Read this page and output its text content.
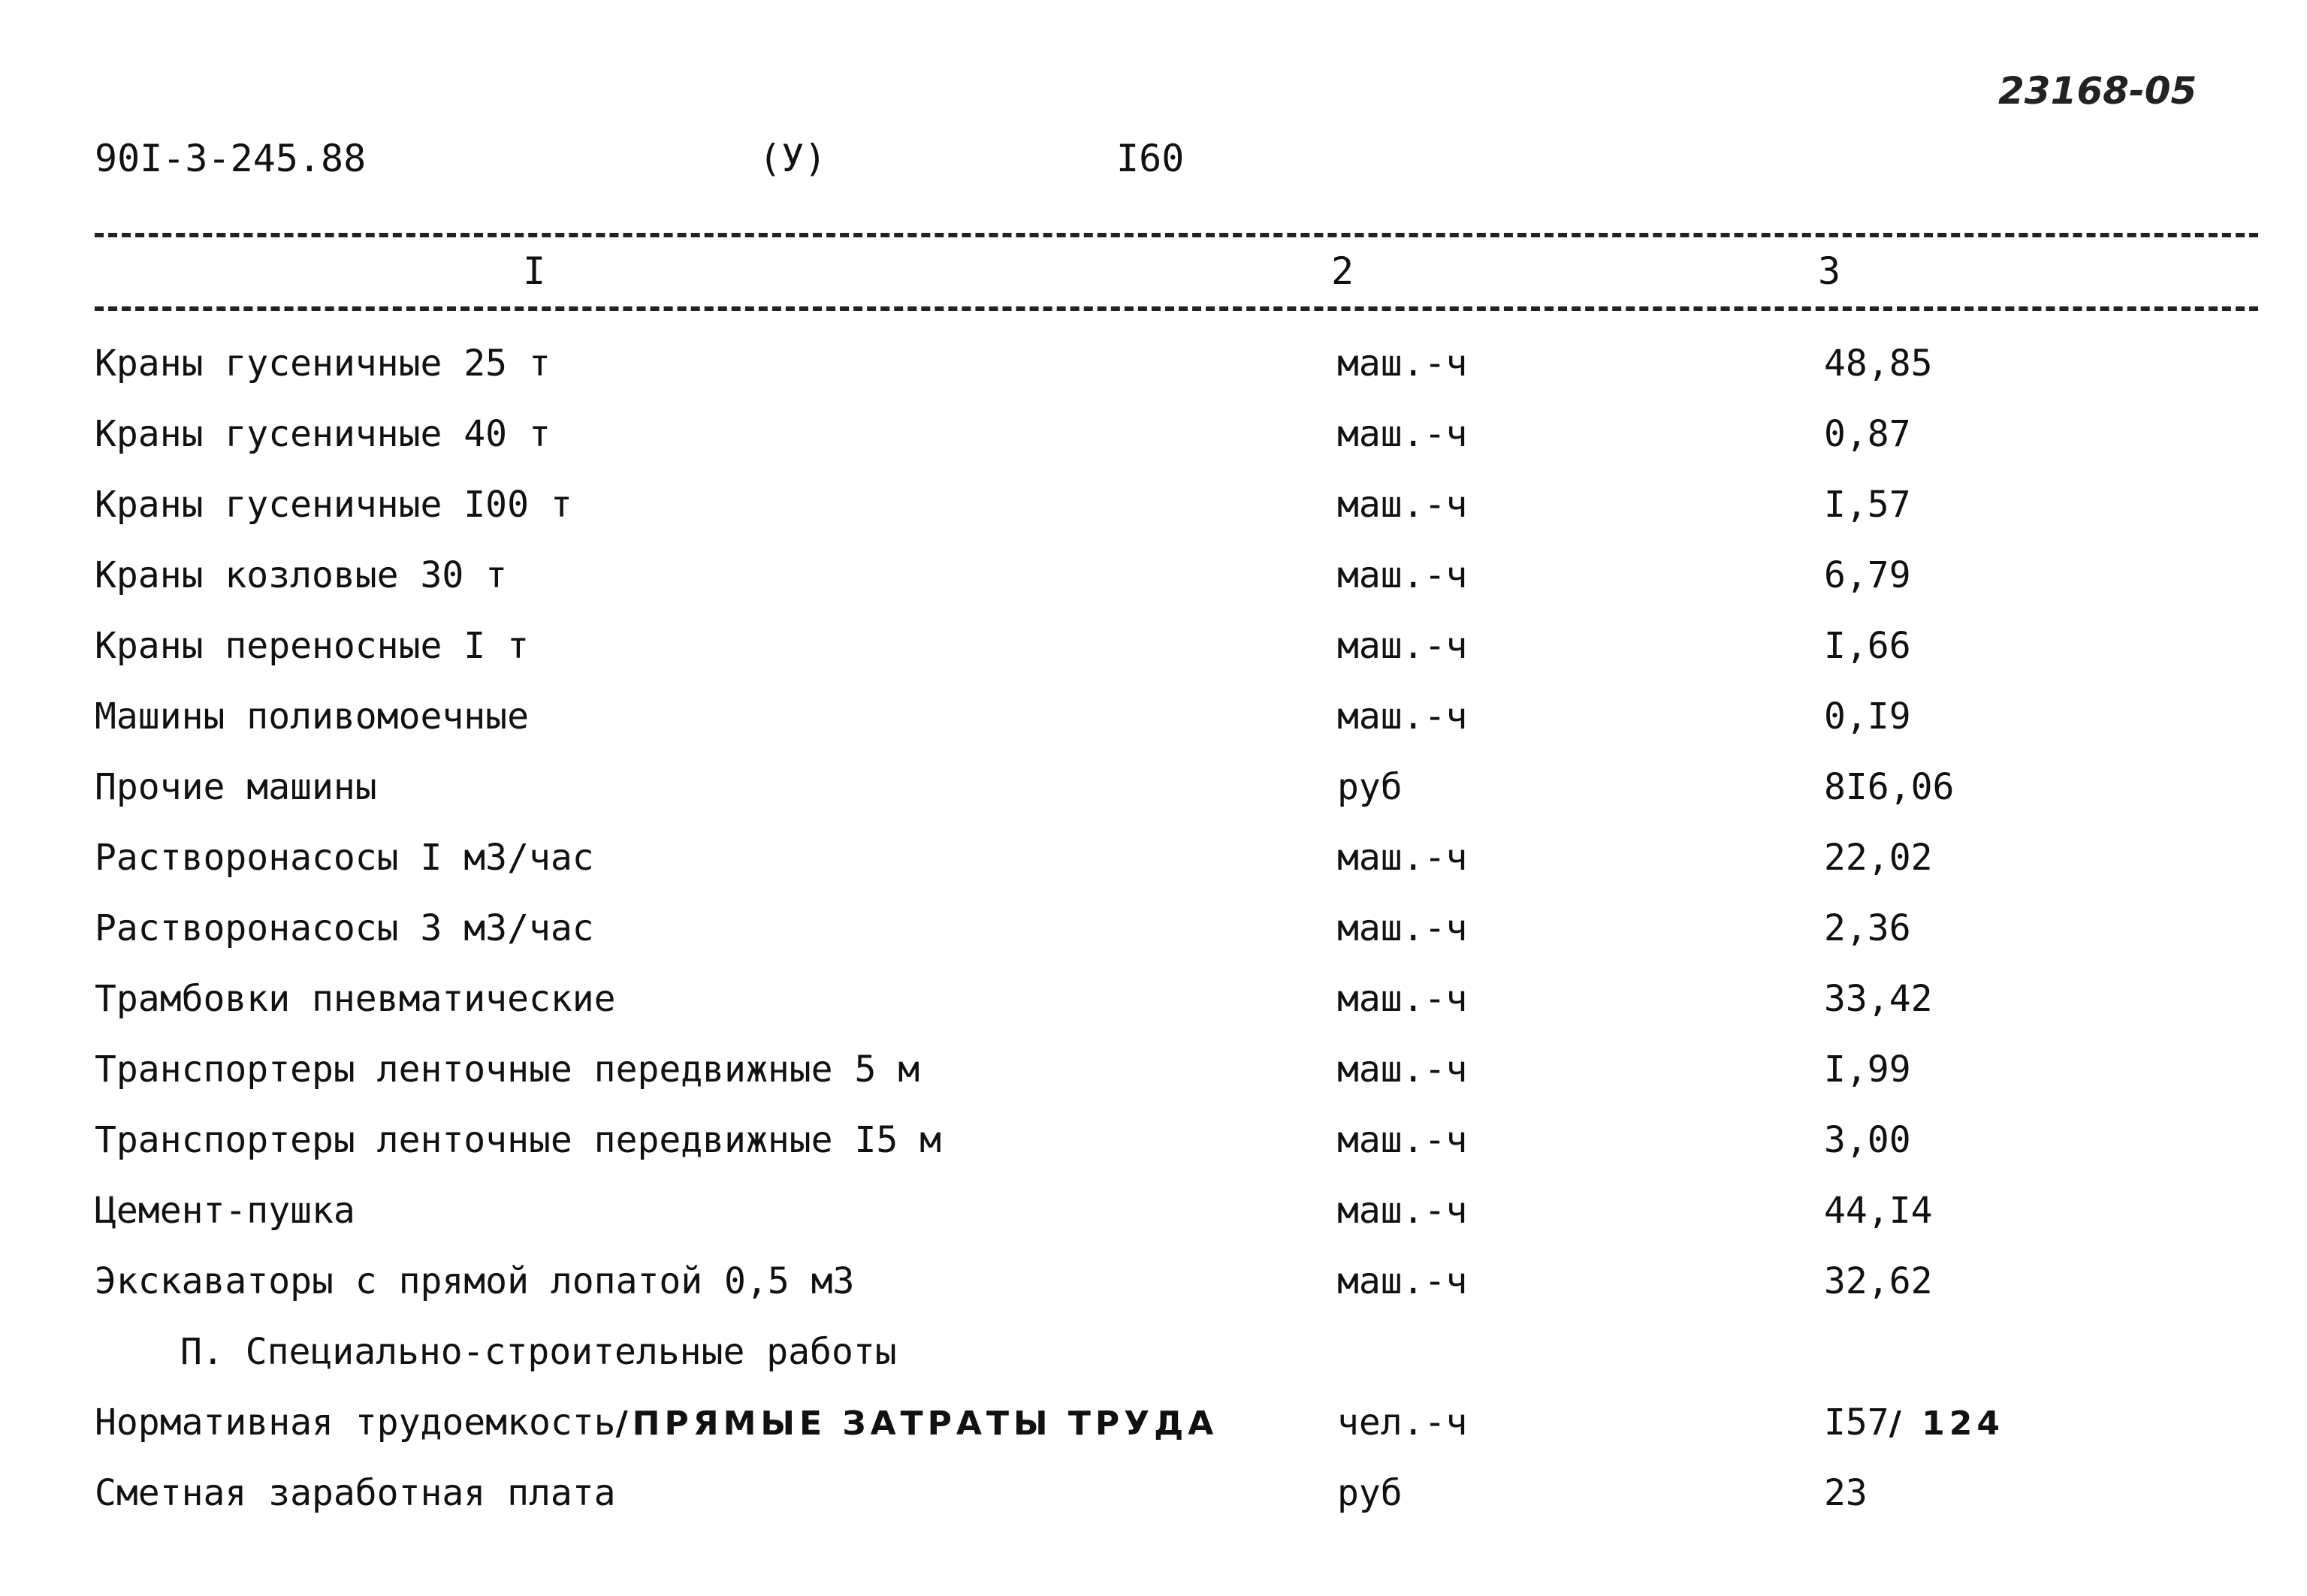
23168-05
90I-3-245.88	(У)	I60
I	2	3
Краны гусеничные 25 т	маш.-ч	48,85
Краны гусеничные 40 т	маш.-ч	0,87
Краны гусеничные I00 т	маш.-ч	I,57
Краны козловые 30 т	маш.-ч	6,79
Краны переносные I т	маш.-ч	I,66
Машины поливомоечные	маш.-ч	0,I9
Прочие машины	руб	8I6,06
Растворонасосы I м3/час	маш.-ч	22,02
Растворонасосы 3 м3/час	маш.-ч	2,36
Трамбовки пневматические	маш.-ч	33,42
Транспортеры ленточные передвижные 5 м	маш.-ч	I,99
Транспортеры ленточные передвижные I5 м	маш.-ч	3,00
Цемент-пушка	маш.-ч	44,I4
Экскаваторы с прямой лопатой 0,5 м3	маш.-ч	32,62
П. Специально-строительные работы
Нормативная трудоемкость/ПРЯМЫЕ ЗАТРАТЫ ТРУДА	чел.-ч	I57/ 124
Сметная заработная плата	руб	23
